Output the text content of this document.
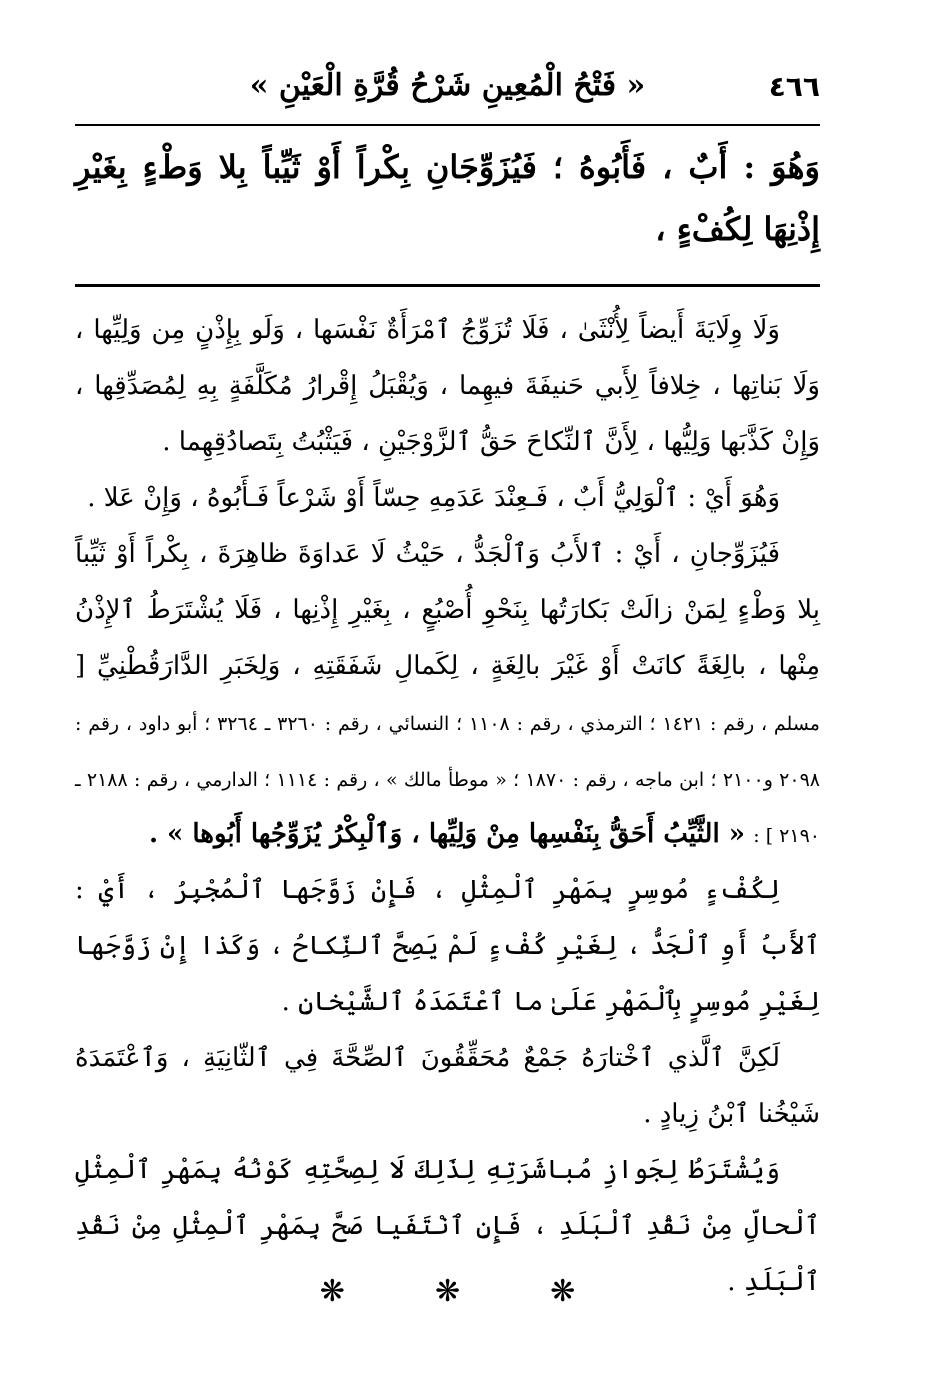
٤٦٦
« فَتْحُ الْمُعِينِ شَرْحُ قُرَّةِ الْعَيْنِ »
وَهُوَ : أَبٌ ، فَأَبُوهُ ؛ فَيُزَوِّجَانِ بِكْراً أَوْ ثَيِّباً بِلا وَطْءٍ بِغَيْرِ إِذْنِهَا لِكُفْءٍ ،

وَلَا وِلَايَةَ أَيضاً لِأُنْثَىٰ ، فَلَا تُزَوِّجُ ٱمْرَأَةٌ نَفْسَها ، وَلَو بِإِذْنٍ مِن وَلِيِّها ، وَلَا بَناتِها ، خِلافاً لِأَبي حَنيفَةَ فيهِما ، وَيُقْبَلُ إِقْرارُ مُكَلَّفَةٍ بِهِ لِمُصَدِّقِها ، وَإِنْ كَذَّبَها وَلِيُّها ، لِأَنَّ ٱلنِّكاحَ حَقُّ ٱلزَّوْجَيْنِ ، فَيَثْبُتُ بِتَصادُقِهِما .

وَهُوَ أَيْ : ٱلْوَلِيُّ أَبٌ ، فَـعِنْدَ عَدَمِهِ حِسّاً أَوْ شَرْعاً فَـأَبُوهُ ، وَإِنْ عَلا .

فَيُزَوِّجانِ ، أَيْ : ٱلأَبُ وَٱلْجَدُّ ، حَيْثُ لَا عَداوَةَ ظاهِرَةَ ، بِكْراً أَوْ ثَيِّباً بِلا وَطْءٍ لِمَنْ زالَتْ بَكارَتُها بِنَحْوِ أُصْبُعٍ ، بِغَيْرِ إِذْنِها ، فَلَا يُشْتَرَطُ ٱلإِذْنُ مِنْها ، بالِغَةً كانَتْ أَوْ غَيْرَ بالِغَةٍ ، لِكَمالِ شَفَقَتِهِ ، وَلِخَبَرِ الدَّارَقُطْنِيِّ [ مسلم ، رقم : ١٤٢١ ؛ الترمذي ، رقم : ١١٠٨ ؛ النسائي ، رقم : ٣٢٦٠ ـ ٣٢٦٤ ؛ أبو داود ، رقم : ٢٠٩٨ و٢١٠٠ ؛ ابن ماجه ، رقم : ١٨٧٠ ؛ « موطأ مالك » ، رقم : ١١١٤ ؛ الدارمي ، رقم : ٢١٨٨ ـ ٢١٩٠ ] : « الثَّيِّبُ أَحَقُّ بِنَفْسِها مِنْ وَلِيِّها ، وَٱلْبِكْرُ يُزَوِّجُها أَبُوها » .

لِكُفْءٍ مُوسِرٍ بِمَهْرِ ٱلْمِثْلِ ، فَإِنْ زَوَّجَها ٱلْمُجْبِرُ ، أَيْ : ٱلأَبُ أَوِ ٱلْجَدُّ ، لِغَيْرِ كُفْءٍ لَمْ يَصِحَّ ٱلنِّكاحُ ، وَكَذا إِنْ زَوَّجَها لِغَيْرِ مُوسِرٍ بِٱلْمَهْرِ عَلَىٰ ما ٱعْتَمَدَهُ ٱلشَّيْخانِ .

لَكِنَّ ٱلَّذي ٱخْتارَهُ جَمْعٌ مُحَقِّقُونَ ٱلصِّحَّةَ فِي ٱلثّانِيَةِ ، وَٱعْتَمَدَهُ شَيْخُنا ٱبْنُ زِيادٍ .

وَيُشْتَرَطُ لِجَوازِ مُباشَرَتِهِ لِذَلِكَ لَا لِصِحَّتِهِ كَوْنُهُ بِمَهْرِ ٱلْمِثْلِ ٱلْحالِّ مِنْ نَقْدِ ٱلْبَلَدِ ، فَإِنِ ٱنْتَفَيا صَحَّ بِمَهْرِ ٱلْمِثْلِ مِنْ نَقْدِ ٱلْبَلَدِ .

❋
❋
❋
